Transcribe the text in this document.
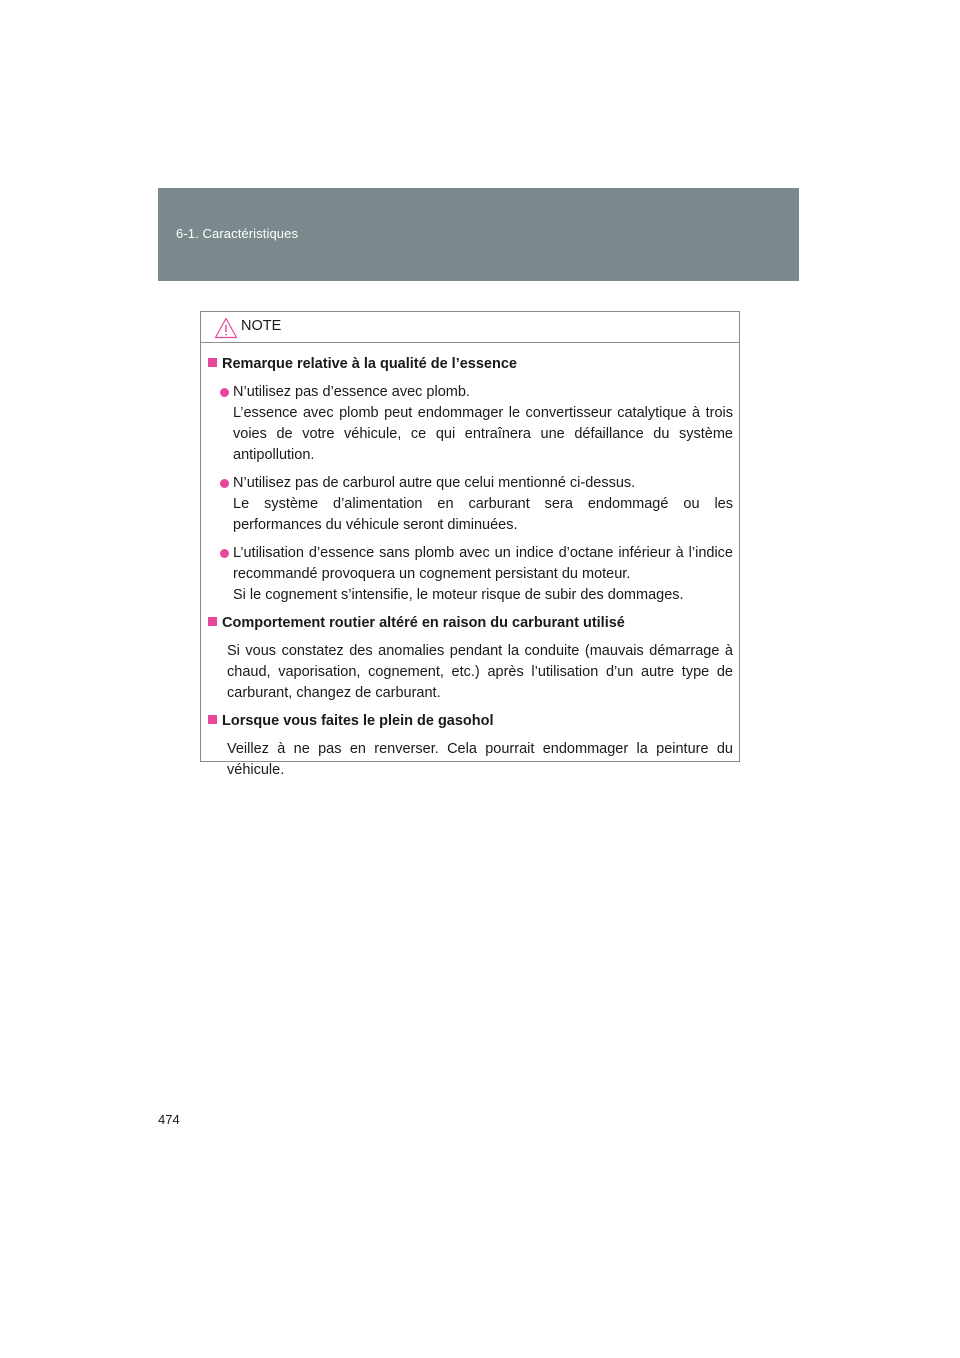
6-1. Caractéristiques
NOTE
Remarque relative à la qualité de l’essence
N’utilisez pas d’essence avec plomb.
L’essence avec plomb peut endommager le convertisseur catalytique à trois voies de votre véhicule, ce qui entraînera une défaillance du système antipollution.
N’utilisez pas de carburol autre que celui mentionné ci-dessus.
Le système d’alimentation en carburant sera endommagé ou les performances du véhicule seront diminuées.
L’utilisation d’essence sans plomb avec un indice d’octane inférieur à l’indice recommandé provoquera un cognement persistant du moteur.
Si le cognement s’intensifie, le moteur risque de subir des dommages.
Comportement routier altéré en raison du carburant utilisé
Si vous constatez des anomalies pendant la conduite (mauvais démarrage à chaud, vaporisation, cognement, etc.) après l’utilisation d’un autre type de carburant, changez de carburant.
Lorsque vous faites le plein de gasohol
Veillez à ne pas en renverser. Cela pourrait endommager la peinture du véhicule.
474
